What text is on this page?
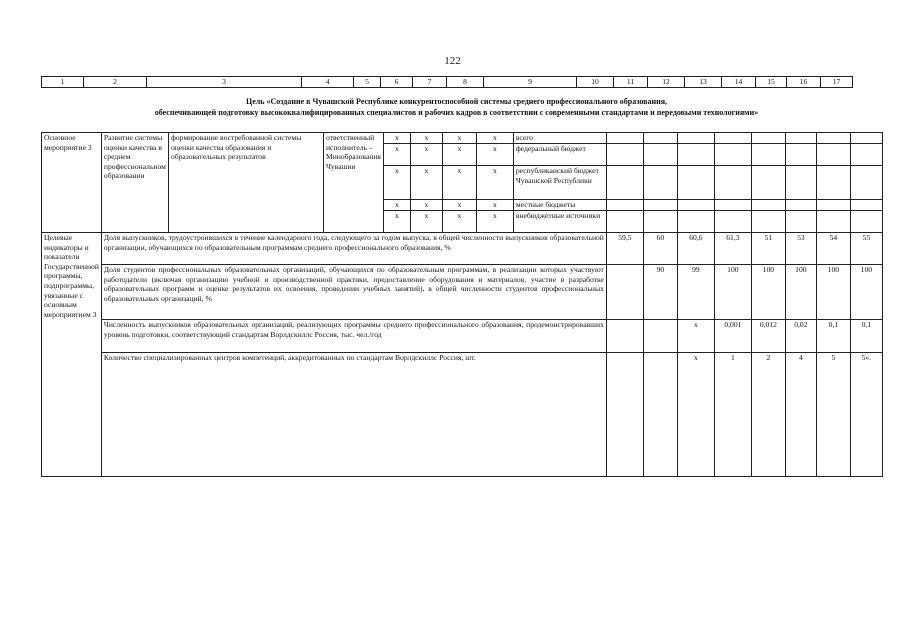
122
1	2	3	4	5	6	7	8	9	10	11	12	13	14	15	16	17
Цель «Создание в Чувашской Республике конкурентоспособной системы среднего профессионального образования,
обеспечивающей подготовку высококвалифицированных специалистов и рабочих кадров в соответствии с современными стандартами и передовыми технологиями»
Основное мероприятие 3	Развитие системы оценки качества в среднем профессиональном образовании	формирование востребованной системы оценки качества образования и образовательных результатов	ответственный исполнитель – Минобразования Чувашии	x	x	x	x	всего								
				x	x	x	x	федеральный бюджет								
				x	x	x	x	республиканский бюджет Чувашской Республики								
				x	x	x	x	местные бюджеты								
				x	x	x	x	внебюджетные источники								
Целевые индикаторы и показатели Государственной программы, подпрограммы, увязанные с основным мероприятием 3	Доля выпускников, трудоустроившихся в течение календарного года, следующего за годом выпуска, в общей численности выпускников образовательной организации, обучающихся по образовательным программам среднего профессионального образования, %								59,5	60	60,6	61,3	51	53	54	55
	Доля студентов профессиональных образовательных организаций, обучающихся по образовательным программам, в реализации которых участвуют работодатели (включая организацию учебной и производственной практики, предоставление оборудования и материалов, участие в разработке образовательных программ и оценке результатов их освоения, проведении учебных занятий), в общей численности студентов профессиональных образовательных организаций, %									90	99	100	100	100	100	100
	Численность выпускников образовательных организаций, реализующих программы среднего профессионального образования, продемонстрировавших уровень подготовки, соответствующий стандартам Ворлдскиллс Россия, тыс. чел./год										x	0,001	0,012	0,02	0,1	0,1
	Количество специализированных центров компетенций, аккредитованных по стандартам Ворлдскиллс Россия, шт.										x	1	2	4	5	5».
